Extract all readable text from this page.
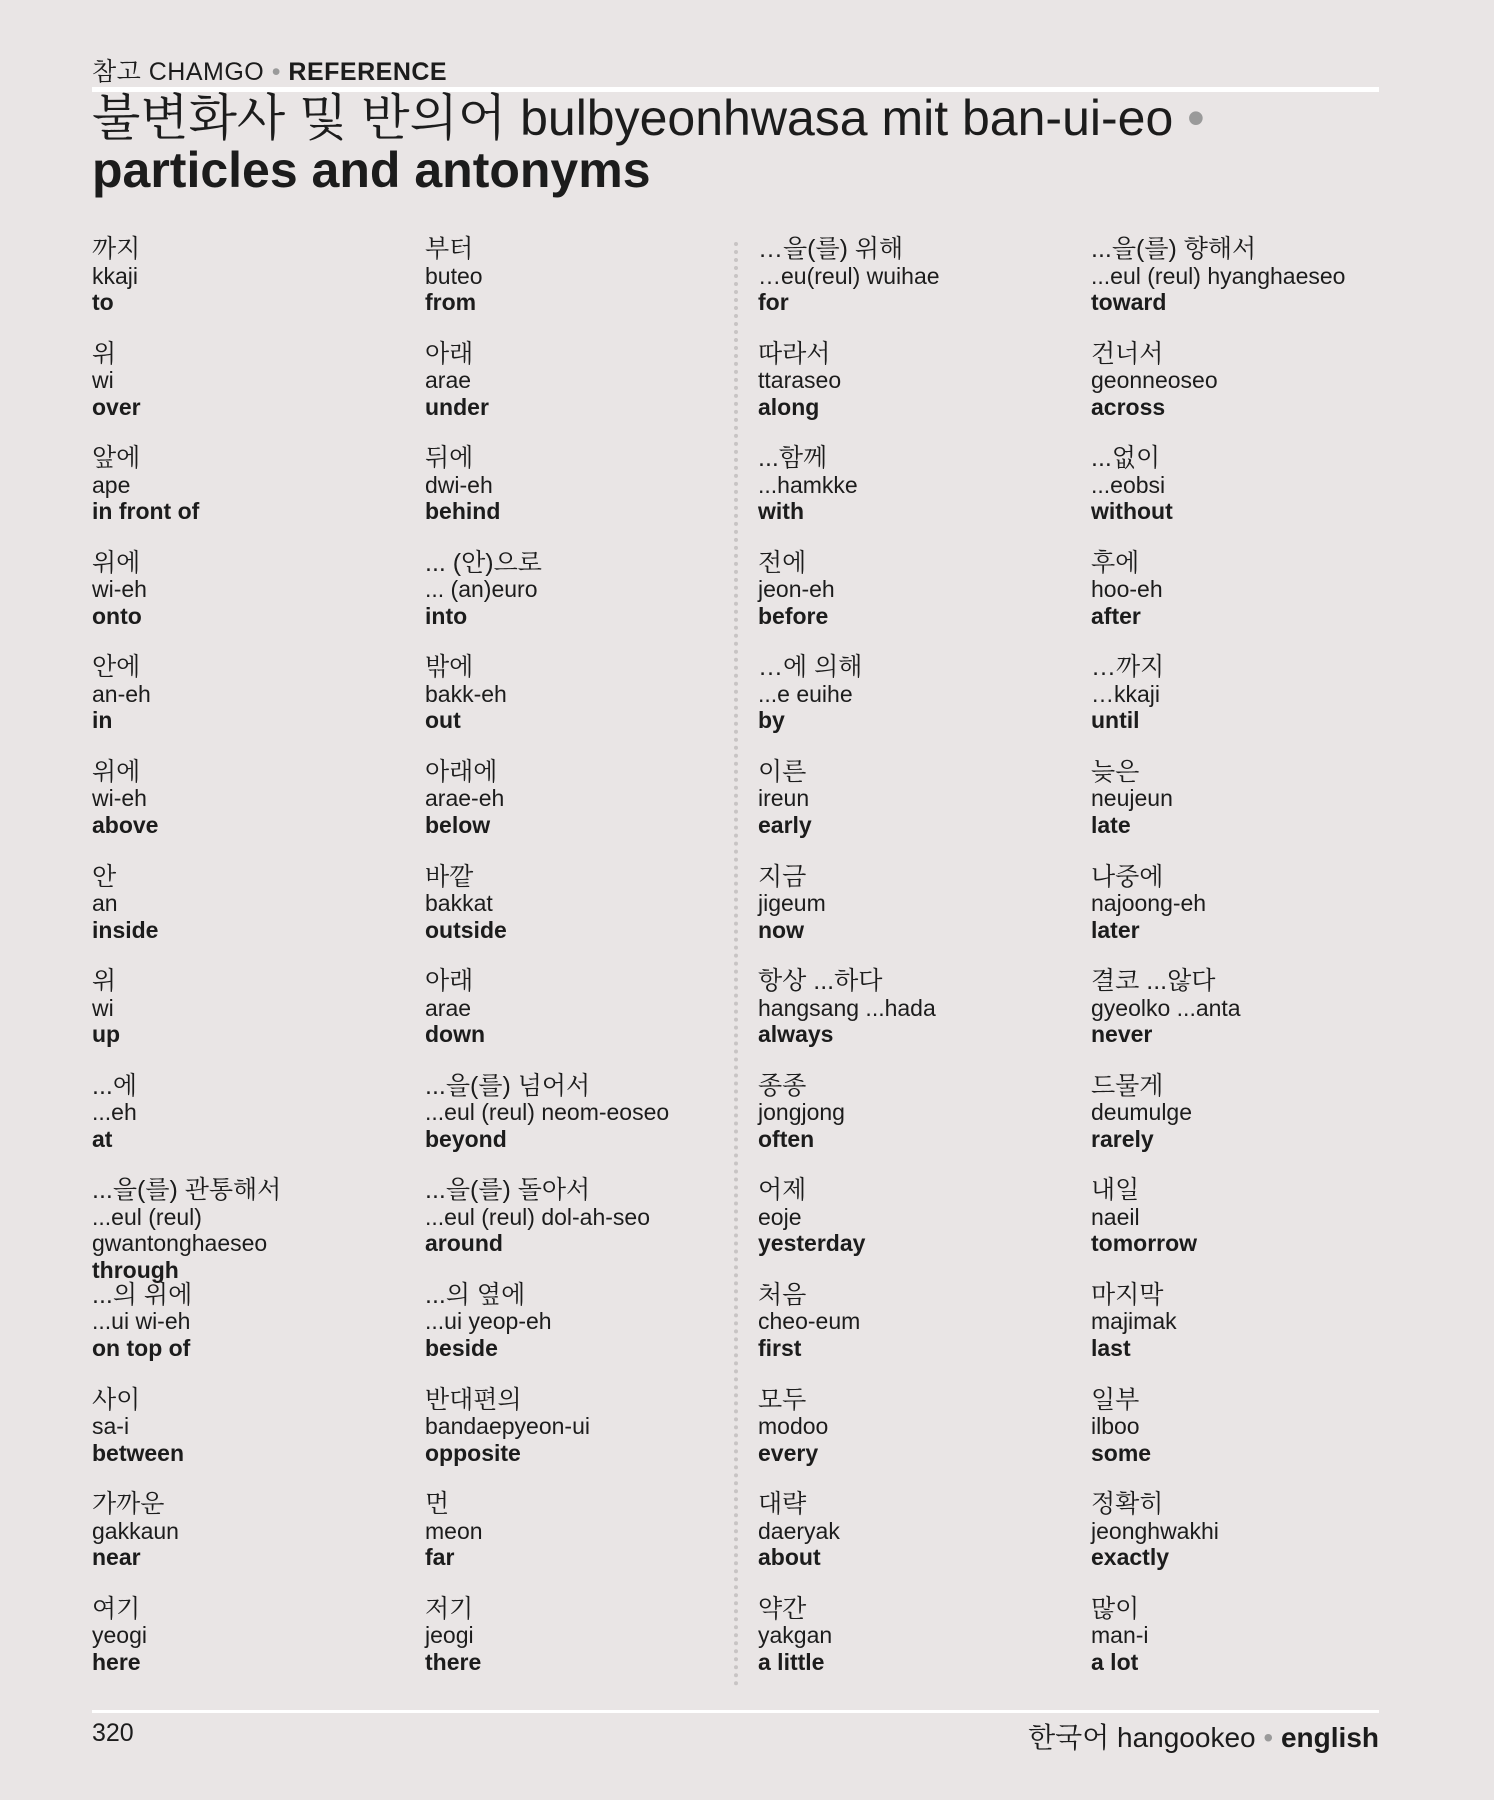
참고 CHAMGO • REFERENCE
불변화사 및 반의어 bulbyeonhwasa mit ban-ui-eo •
particles and antonyms
까지
kkaji
to
위
wi
over
앞에
ape
in front of
위에
wi-eh
onto
안에
an-eh
in
위에
wi-eh
above
안
an
inside
위
wi
up
...에
...eh
at
...을(를) 관통해서
...eul (reul)
gwantonghaeseo
through
...의 위에
...ui wi-eh
on top of
사이
sa-i
between
가까운
gakkaun
near
여기
yeogi
here
부터
buteo
from
아래
arae
under
뒤에
dwi-eh
behind
... (안)으로
... (an)euro
into
밖에
bakk-eh
out
아래에
arae-eh
below
바깥
bakkat
outside
아래
arae
down
...을(를) 넘어서
...eul (reul) neom-eoseo
beyond
...을(를) 돌아서
...eul (reul) dol-ah-seo
around
...의 옆에
...ui yeop-eh
beside
반대편의
bandaepyeon-ui
opposite
먼
meon
far
저기
jeogi
there
…을(를) 위해
…eu(reul) wuihae
for
따라서
ttaraseo
along
...함께
...hamkke
with
전에
jeon-eh
before
…에 의해
...e euihe
by
이른
ireun
early
지금
jigeum
now
항상 ...하다
hangsang ...hada
always
종종
jongjong
often
어제
eoje
yesterday
처음
cheo-eum
first
모두
modoo
every
대략
daeryak
about
약간
yakgan
a little
...을(를) 향해서
...eul (reul) hyanghaeseo
toward
건너서
geonneoseo
across
...없이
...eobsi
without
후에
hoo-eh
after
…까지
…kkaji
until
늦은
neujeun
late
나중에
najoong-eh
later
결코 ...않다
gyeolko ...anta
never
드물게
deumulge
rarely
내일
naeil
tomorrow
마지막
majimak
last
일부
ilboo
some
정확히
jeonghwakhi
exactly
많이
man-i
a lot
320	한국어 hangookeo • english
